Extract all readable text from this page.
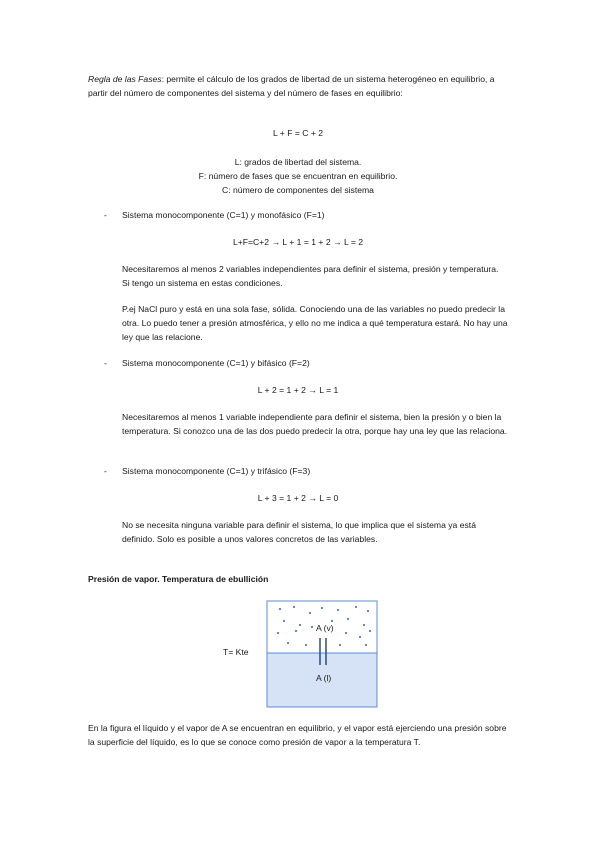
Regla de las Fases: permite el cálculo de los grados de libertad de un sistema heterogéneo en equilibrio, a partir del número de componentes del sistema y del número de fases en equilibrio:

L + F = C + 2

L: grados de libertad del sistema.

F: número de fases que se encuentran en equilibrio.

C: número de componentes del sistema

- Sistema monocomponente (C=1) y monofásico (F=1)

L+F=C+2 → L + 1 = 1 + 2 → L = 2

Necesitaremos al menos 2 variables independientes para definir el sistema, presión y temperatura. Si tengo un sistema en estas condiciones.

P.ej NaCl puro y está en una sola fase, sólida. Conociendo una de las variables no puedo predecir la otra. Lo puedo tener a presión atmosférica, y ello no me indica a qué temperatura estará. No hay una ley que las relacione.

- Sistema monocomponente (C=1) y bifásico (F=2)

L + 2 = 1 + 2 → L = 1

Necesitaremos al menos 1 variable independiente para definir el sistema, bien la presión y o bien la temperatura. Si conozco una de las dos puedo predecir la otra, porque hay una ley que las relaciona.

- Sistema monocomponente (C=1) y trifásico (F=3)

L + 3 = 1 + 2 → L = 0

No se necesita ninguna variable para definir el sistema, lo que implica que el sistema ya está definido. Solo es posible a unos valores concretos de las variables.

Presión de vapor. Temperatura de ebullición

T= Kte
A (v)
A (l)

En la figura el líquido y el vapor de A se encuentran en equilibrio, y el vapor está ejerciendo una presión sobre la superficie del líquido, es lo que se conoce como presión de vapor a la temperatura T.
